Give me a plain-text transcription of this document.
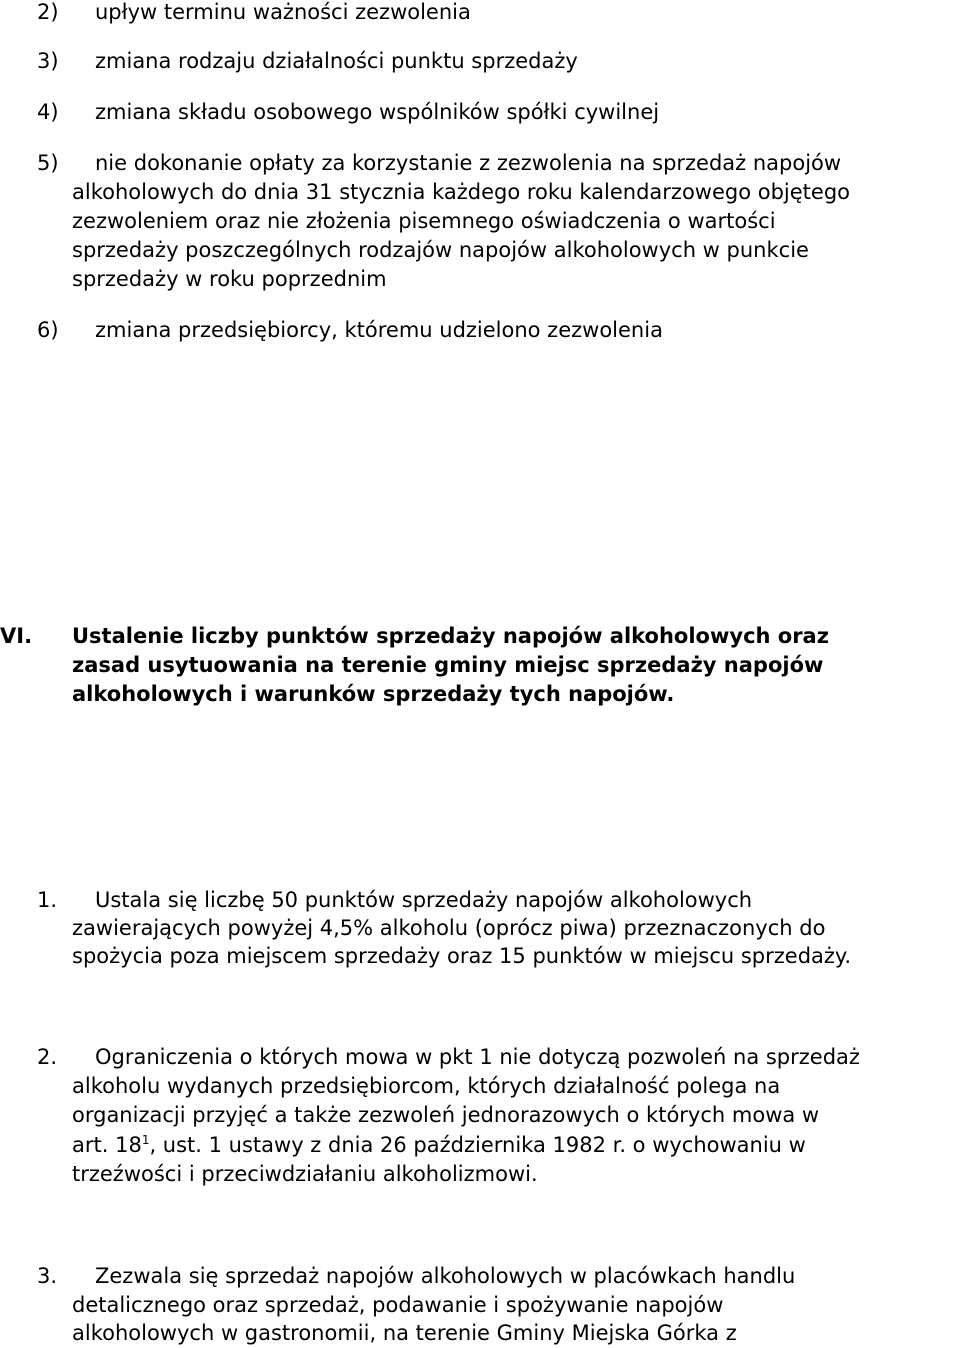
2) upływ terminu ważności zezwolenia
3) zmiana rodzaju działalności punktu sprzedaży
4) zmiana składu osobowego wspólników spółki cywilnej
5) nie dokonanie opłaty za korzystanie z zezwolenia na sprzedaż napojów
alkoholowych do dnia 31 stycznia każdego roku kalendarzowego objętego
zezwoleniem oraz nie złożenia pisemnego oświadczenia o wartości
sprzedaży poszczególnych rodzajów napojów alkoholowych w punkcie
sprzedaży w roku poprzednim
6) zmiana przedsiębiorcy, któremu udzielono zezwolenia
VI. Ustalenie liczby punktów sprzedaży napojów alkoholowych oraz
zasad usytuowania na terenie gminy miejsc sprzedaży napojów
alkoholowych i warunków sprzedaży tych napojów.
1. Ustala się liczbę 50 punktów sprzedaży napojów alkoholowych
zawierających powyżej 4,5% alkoholu (oprócz piwa) przeznaczonych do
spożycia poza miejscem sprzedaży oraz 15 punktów w miejscu sprzedaży.
2. Ograniczenia o których mowa w pkt 1 nie dotyczą pozwoleń na sprzedaż
alkoholu wydanych przedsiębiorcom, których działalność polega na
organizacji przyjęć a także zezwoleń jednorazowych o których mowa w
art. $18^1$, ust. 1 ustawy z dnia 26 października 1982 r. o wychowaniu w
trzeźwości i przeciwdziałaniu alkoholizmowi.
3. Zezwala się sprzedaż napojów alkoholowych w placówkach handlu
detalicznego oraz sprzedaż, podawanie i spożywanie napojów
alkoholowych w gastronomii, na terenie Gminy Miejska Górka z
